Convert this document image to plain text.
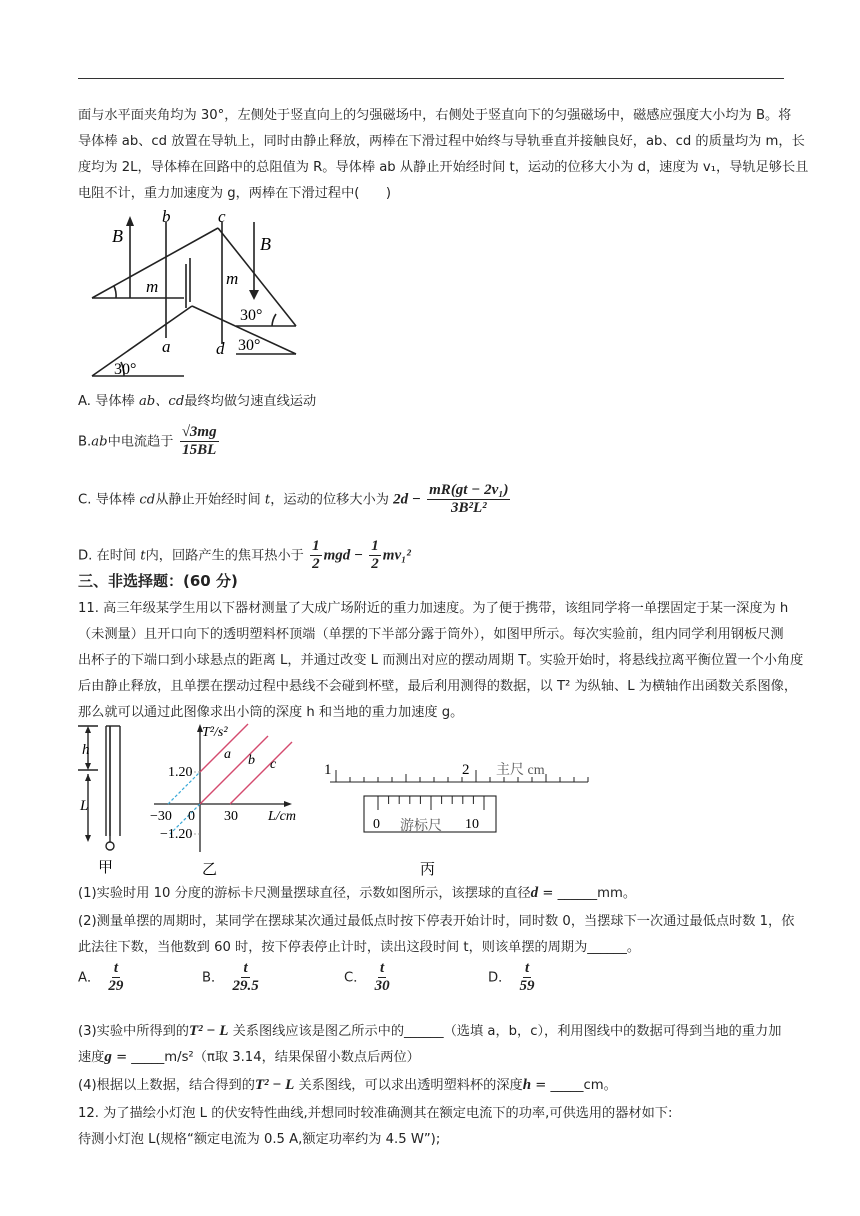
面与水平面夹角均为 30°，左侧处于竖直向上的匀强磁场中，右侧处于竖直向下的匀强磁场中，磁感应强度大小均为 B。将
导体棒 ab、cd 放置在导轨上，同时由静止释放，两棒在下滑过程中始终与导轨垂直并接触良好，ab、cd 的质量均为 m，长
度均为 2L，导体棒在回路中的总阻值为 R。导体棒 ab 从静止开始经时间 t，运动的位移大小为 d，速度为 v₁，导轨足够长且
电阻不计，重力加速度为 g，两棒在下滑过程中(　　)
B	B
b	c
a	d
m	m
30°
30°
30°
A. 导体棒 ab、cd最终均做匀速直线运动
B.ab中电流趋于 $\frac{√3mg}{15BL}$
C. 导体棒 cd从静止开始经时间 t，运动的位移大小为 $2d - \frac{\text{mR(gt − 2v₁)}}{\text{3B²L²}}$
D. 在时间 t内，回路产生的焦耳热小于 $\frac{1}{2}$ mgd − $\frac{1}{2} mv_1^2$
三、非选择题：(60 分)
11. 高三年级某学生用以下器材测量了大成广场附近的重力加速度。为了便于携带，该组同学将一单摆固定于某一深度为 h
（未测量）且开口向下的透明塑料杯顶端（单摆的下半部分露于筒外），如图甲所示。每次实验前，组内同学利用钢板尺测
出杯子的下端口到小球悬点的距离 L，并通过改变 L 而测出对应的摆动周期 T。实验开始时，将悬线拉离平衡位置一个小角度
后由静止释放，且单摆在摆动过程中悬线不会碰到杯壁，最后利用测得的数据，以 T² 为纵轴、L 为横轴作出函数关系图像，
那么就可以通过此图像求出小筒的深度 h 和当地的重力加速度 g。
h
L
甲
T²/s²
L/cm
1.20
−1.20
−30 0 30
a b c
乙
1	2 主尺 cm
0 游标尺 10
丙
(1)实验时用 10 分度的游标卡尺测量摆球直径，示数如图所示，该摆球的直径d = ______mm。
(2)测量单摆的周期时，某同学在摆球某次通过最低点时按下停表开始计时，同时数 0，当摆球下一次通过最低点时数 1，依
此法往下数，当他数到 60 时，按下停表停止计时，读出这段时间 t，则该单摆的周期为______。
A． $\frac{t}{29}$	B． $\frac{t}{29.5}$	C． $\frac{t}{30}$	D． $\frac{t}{59}$
(3)实验中所得到的T² − L 关系图线应该是图乙所示中的______（选填 a，b，c），利用图线中的数据可得到当地的重力加
速度g = _____m/s²（π取 3.14，结果保留小数点后两位）
(4)根据以上数据，结合得到的T² − L 关系图线，可以求出透明塑料杯的深度h = _____cm。
12. 为了描绘小灯泡 L 的伏安特性曲线,并想同时较准确测其在额定电流下的功率,可供选用的器材如下:
待测小灯泡 L(规格“额定电流为 0.5 A,额定功率约为 4.5 W”);
